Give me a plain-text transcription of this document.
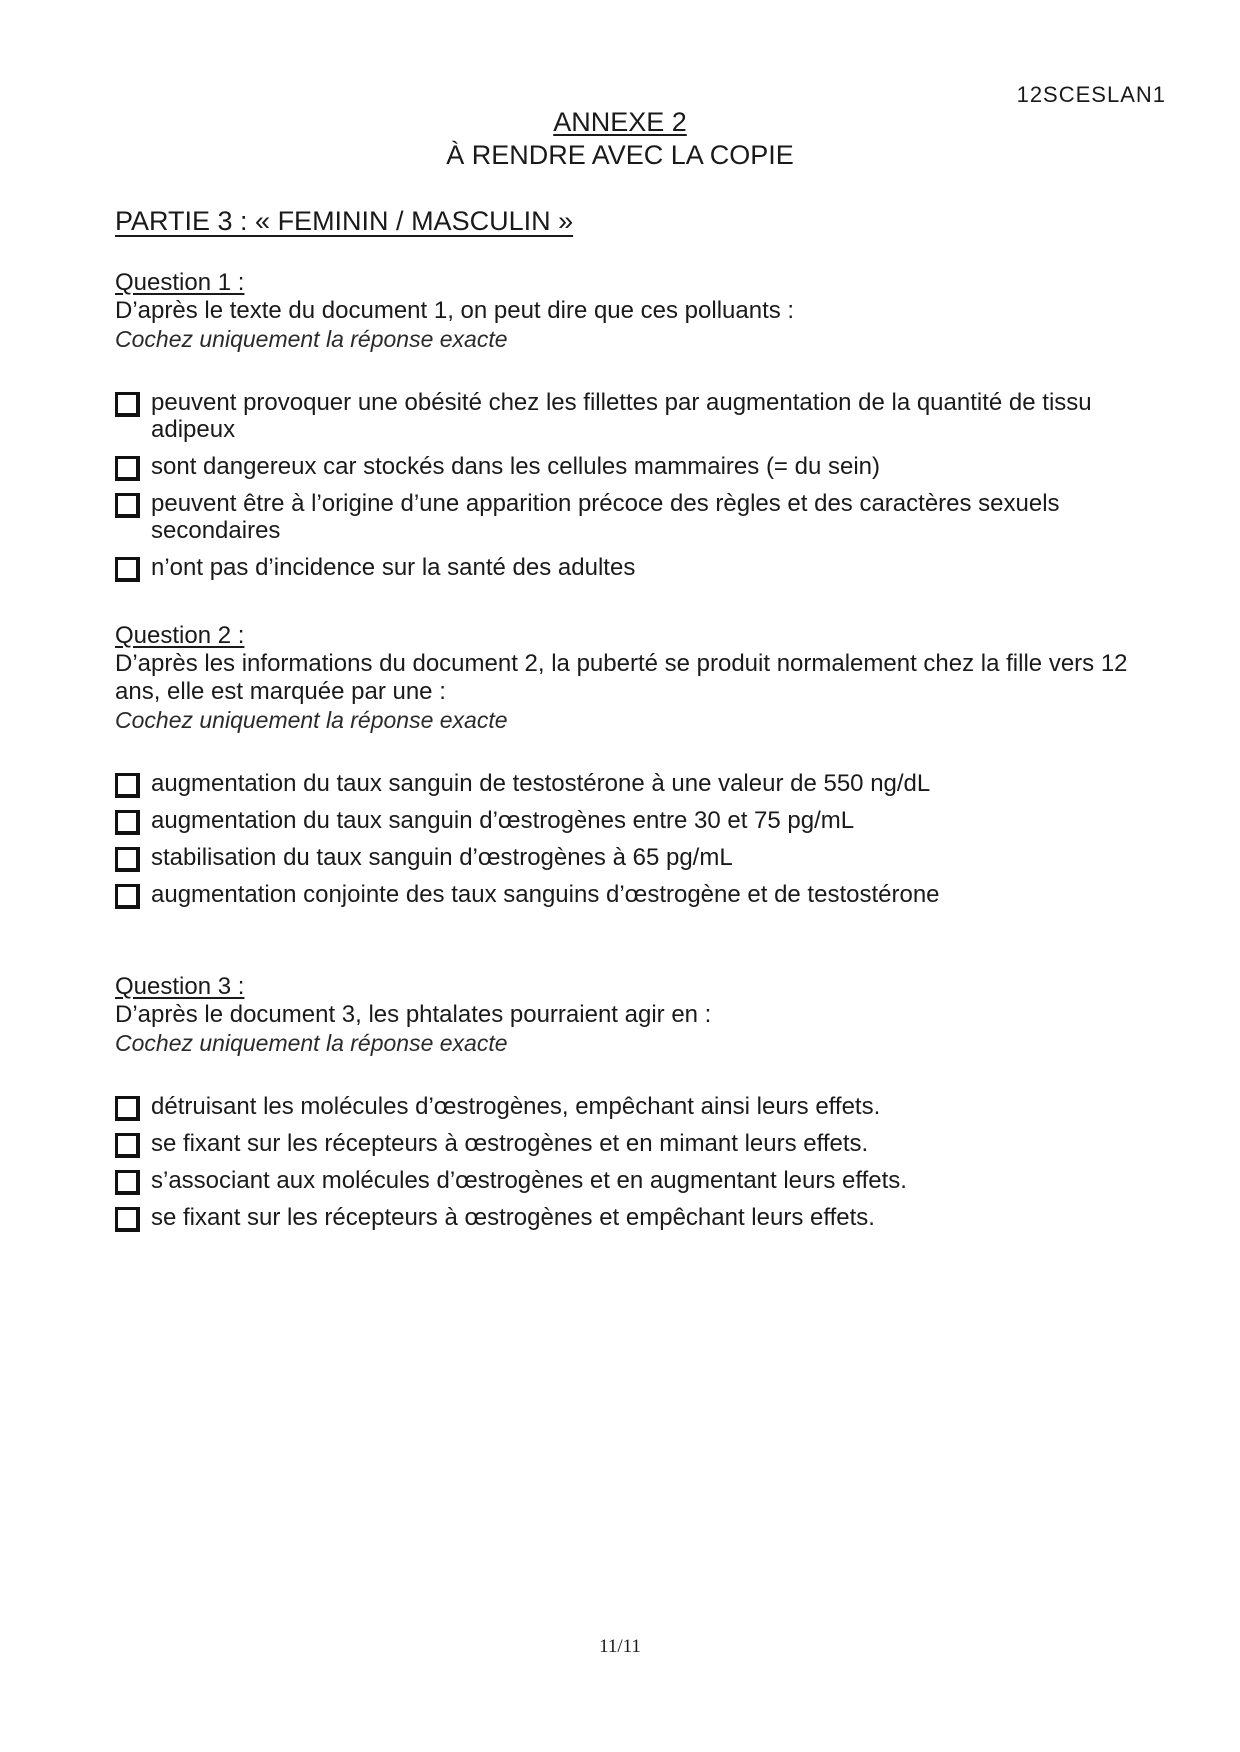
12SCESLAN1
ANNEXE 2
À RENDRE AVEC LA COPIE
PARTIE 3 : « FEMININ / MASCULIN »
Question 1 :
D’après le texte du document 1, on peut dire que ces polluants :
Cochez uniquement la réponse exacte
peuvent provoquer une obésité chez les fillettes par augmentation de la quantité de tissu adipeux
sont dangereux car stockés dans les cellules mammaires (= du sein)
peuvent être à l’origine d’une apparition précoce des règles et des caractères sexuels secondaires
n’ont pas d’incidence sur la santé des adultes
Question 2 :
D’après les informations du document 2, la puberté se produit normalement chez la fille vers 12 ans, elle est marquée par une :
Cochez uniquement la réponse exacte
augmentation du taux sanguin de testostérone à une valeur de 550 ng/dL
augmentation du taux sanguin d’œstrogènes entre 30 et 75 pg/mL
stabilisation du taux sanguin d’œstrogènes à 65 pg/mL
augmentation conjointe des taux sanguins d’œstrogène et de testostérone
Question 3 :
D’après le document 3, les phtalates pourraient agir en :
Cochez uniquement la réponse exacte
détruisant les molécules d’œstrogènes, empêchant ainsi leurs effets.
se fixant sur les récepteurs à œstrogènes et en mimant leurs effets.
s’associant aux molécules d’œstrogènes et en augmentant leurs effets.
se fixant sur les récepteurs à œstrogènes et empêchant leurs effets.
11/11
